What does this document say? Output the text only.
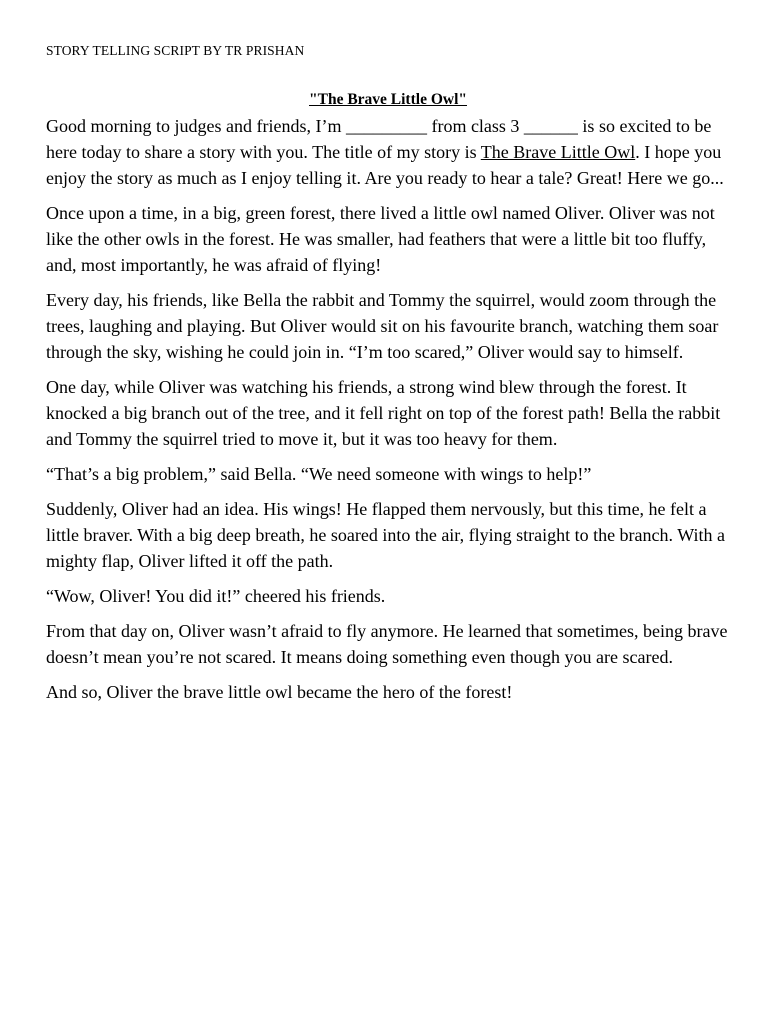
STORY TELLING SCRIPT BY TR PRISHAN
"The Brave Little Owl"

Good morning to judges and friends, I’m _________ from class 3 ______ is so excited to be here today to share a story with you. The title of my story is The Brave Little Owl. I hope you enjoy the story as much as I enjoy telling it. Are you ready to hear a tale? Great! Here we go...

Once upon a time, in a big, green forest, there lived a little owl named Oliver. Oliver was not like the other owls in the forest. He was smaller, had feathers that were a little bit too fluffy, and, most importantly, he was afraid of flying!

Every day, his friends, like Bella the rabbit and Tommy the squirrel, would zoom through the trees, laughing and playing. But Oliver would sit on his favourite branch, watching them soar through the sky, wishing he could join in. “I’m too scared,” Oliver would say to himself.

One day, while Oliver was watching his friends, a strong wind blew through the forest. It knocked a big branch out of the tree, and it fell right on top of the forest path! Bella the rabbit and Tommy the squirrel tried to move it, but it was too heavy for them.

“That’s a big problem,” said Bella. “We need someone with wings to help!”

Suddenly, Oliver had an idea. His wings! He flapped them nervously, but this time, he felt a little braver. With a big deep breath, he soared into the air, flying straight to the branch. With a mighty flap, Oliver lifted it off the path.

“Wow, Oliver! You did it!” cheered his friends.

From that day on, Oliver wasn’t afraid to fly anymore. He learned that sometimes, being brave doesn’t mean you’re not scared. It means doing something even though you are scared.

And so, Oliver the brave little owl became the hero of the forest!
